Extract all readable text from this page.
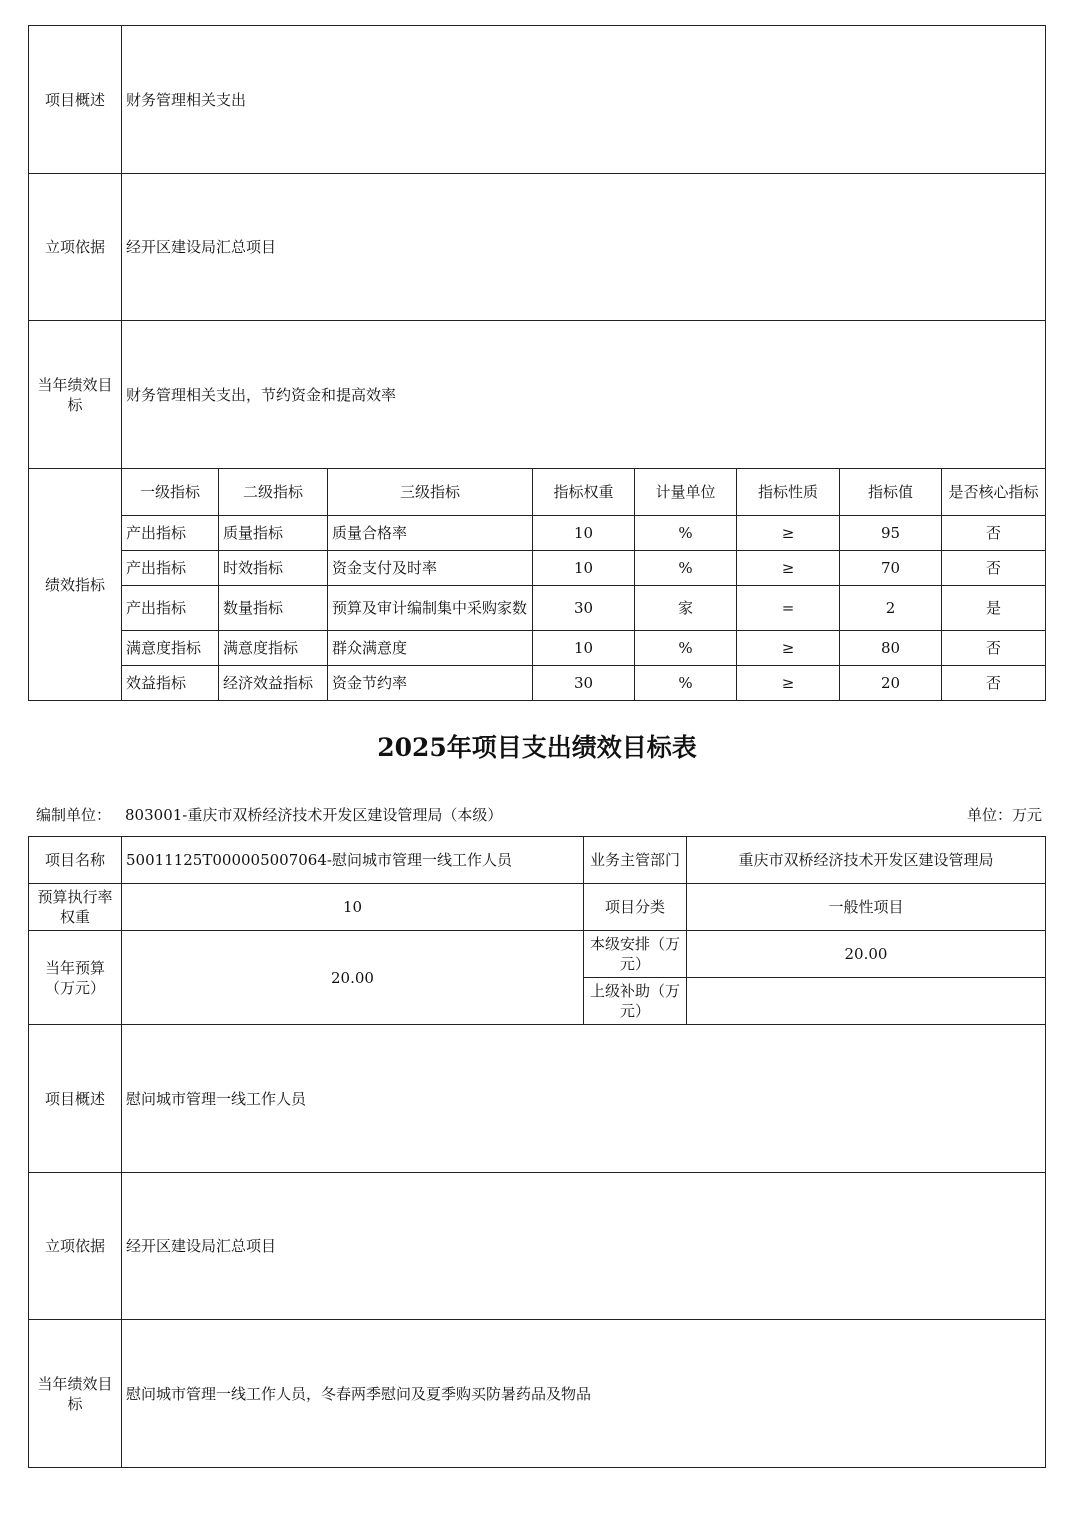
项目概述	财务管理相关支出							
立项依据	经开区建设局汇总项目							
当年绩效目标	财务管理相关支出，节约资金和提高效率							
绩效指标	一级指标	二级指标	三级指标	指标权重	计量单位	指标性质	指标值	是否核心指标
	产出指标	质量指标	质量合格率	10	%	≥	95	否
	产出指标	时效指标	资金支付及时率	10	%	≥	70	否
	产出指标	数量指标	预算及审计编制集中采购家数	30	家	=	2	是
	满意度指标	满意度指标	群众满意度	10	%	≥	80	否
	效益指标	经济效益指标	资金节约率	30	%	≥	20	否
2025年项目支出绩效目标表
编制单位： 803001-重庆市双桥经济技术开发区建设管理局（本级）	单位：万元
项目名称	50011125T000005007064-慰问城市管理一线工作人员	业务主管部门	重庆市双桥经济技术开发区建设管理局
预算执行率权重	10	项目分类	一般性项目
当年预算（万元）	20.00	本级安排（万元）	20.00
		上级补助（万元）	
项目概述	慰问城市管理一线工作人员		
立项依据	经开区建设局汇总项目		
当年绩效目标	慰问城市管理一线工作人员，冬春两季慰问及夏季购买防暑药品及物品		
